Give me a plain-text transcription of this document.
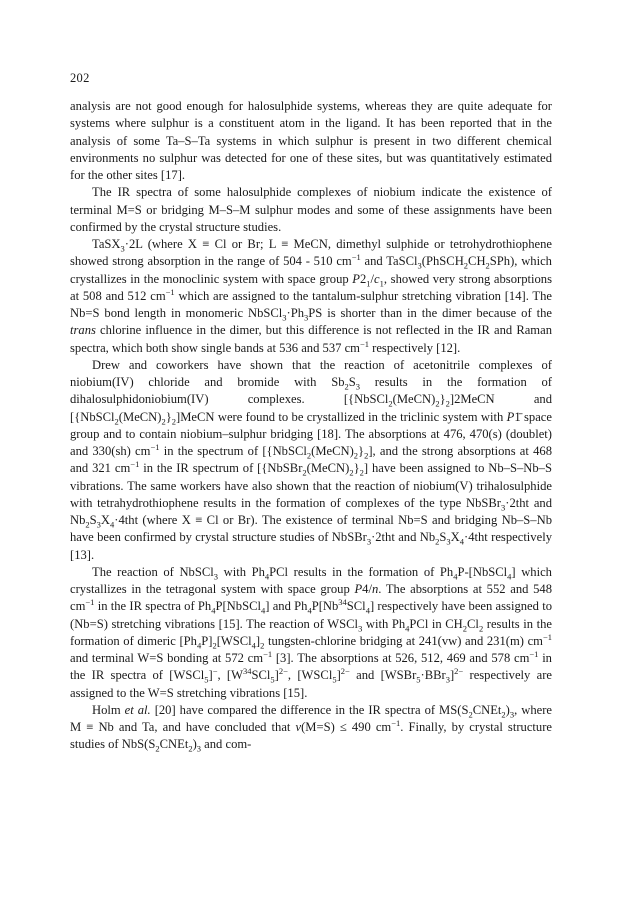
202

analysis are not good enough for halosulphide systems, whereas they are quite adequate for systems where sulphur is a constituent atom in the ligand. It has been reported that in the analysis of some Ta–S–Ta systems in which sulphur is present in two different chemical environments no sulphur was detected for one of these sites, but was quantitatively estimated for the other sites [17].

The IR spectra of some halosulphide complexes of niobium indicate the existence of terminal M=S or bridging M–S–M sulphur modes and some of these assignments have been confirmed by the crystal structure studies.

TaSX$_3$·2L (where X ≡ Cl or Br; L ≡ MeCN, dimethyl sulphide or tetrohydrothiophene showed strong absorption in the range of 504 - 510 $cm^{-1}$ and $TaSCl_3(PhSCH_2CH_2SPh)$, which crystallizes in the monoclinic system with space group $P2_1/c_1$, showed very strong absorptions at 508 and 512 $cm^{-1}$ which are assigned to the tantalum-sulphur stretching vibration [14]. The Nb=S bond length in monomeric $NbSCl_3\cdot Ph_3PS$ is shorter than in the dimer because of the trans chlorine influence in the dimer, but this difference is not reflected in the IR and Raman spectra, which both show single bands at 536 and 537 $cm^{-1}$ respectively [12].

Drew and coworkers have shown that the reaction of acetonitrile complexes of niobium(IV) chloride and bromide with $Sb_2S_3$ results in the formation of dihalosulphidoniobium(IV) complexes. $[\{NbSCl_2(MeCN)_2\}_2]2MeCN$ and $[\{NbSCl_2(MeCN)_2\}_2]MeCN$ were found to be crystallized in the triclinic system with P1̄ space group and to contain niobium–sulphur bridging [18]. The absorptions at 476, 470(s) (doublet) and 330(sh) $cm^{-1}$ in the spectrum of $[\{NbSCl_2(MeCN)_2\}_2]$, and the strong absorptions at 468 and 321 $cm^{-1}$ in the IR spectrum of $[\{NbSBr_2(MeCN)_2\}_2]$ have been assigned to Nb–S–Nb–S vibrations. The same workers have also shown that the reaction of niobium(V) trihalosulphide with tetrahydrothiophene results in the formation of complexes of the type NbSBr$_3$·2tht and $Nb_2S_3X_4\cdot 4tht$ (where X ≡ Cl or Br). The existence of terminal Nb=S and bridging Nb–S–Nb have been confirmed by crystal structure studies of NbSBr$_3$·2tht and $Nb_2S_3X_4\cdot 4tht$ respectively [13].

The reaction of NbSCl$_3$ with $Ph_4PCl$ results in the formation of $Ph_4P-[NbSCl_4]$ which crystallizes in the tetragonal system with space group P4/n. The absorptions at 552 and 548 $cm^{-1}$ in the IR spectra of $Ph_4P[NbSCl_4]$ and $Ph_4P[Nb^{34}SCl_4]$ respectively have been assigned to (Nb=S) stretching vibrations [15]. The reaction of WSCl$_3$ with $Ph_4PCl$ in $CH_2Cl_2$ results in the formation of dimeric $[Ph_4P]_2[WSCl_4]_2$ tungsten-chlorine bridging at 241(vw) and 231(m) $cm^{-1}$ and terminal W=S bonding at 572 $cm^{-1}$ [3]. The absorptions at 526, 512, 469 and 578 $cm^{-1}$ in the IR spectra of [WSCl$_5$]−, $[W^{34}SCl_5]^{2-}$, [WSCl$_5$]$^{2-}$ and [WSBr$_5$·BBr$_3$]$^{2-}$ respectively are assigned to the W=S stretching vibrations [15].

Holm et al. [20] have compared the difference in the IR spectra of $MS(S_2CNEt_2)_3$, where M ≡ Nb and Ta, and have concluded that ν(M=S) ≤ 490 $cm^{-1}$. Finally, by crystal structure studies of $NbS(S_2CNEt_2)_3$ and com-
